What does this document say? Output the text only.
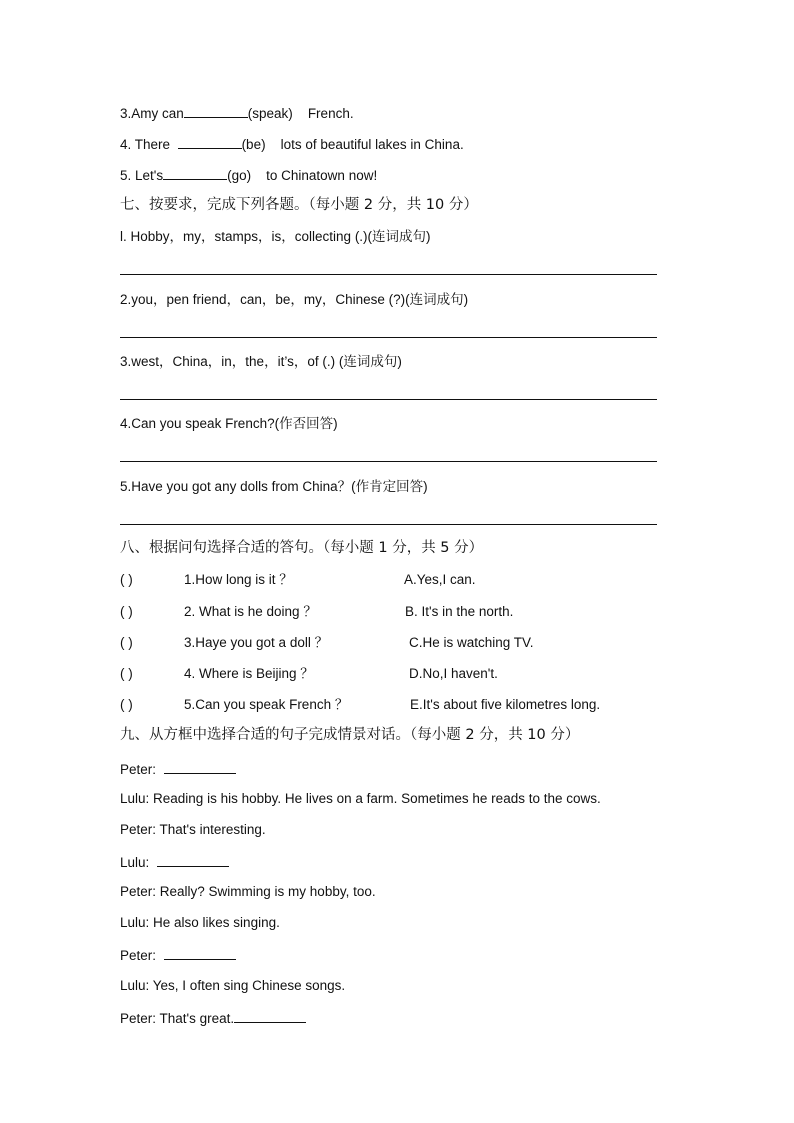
3.Amy can	(speak) French.
4. There	(be) lots of beautiful lakes in China.
5. Let's	(go) to Chinatown now!
七、按要求，完成下列各题。（每小题 2 分，共 10 分）
l. Hobby，my，stamps，is，collecting (.)(连词成句)
2.you，pen friend，can，be，my，Chinese (?)(连词成句)
3.west，China，in，the，it’s，of (.) (连词成句)
4.Can you speak French?(作否回答)
5.Have you got any dolls from China？(作肯定回答)
八、根据问句选择合适的答句。（每小题 1 分，共 5 分）
( )	1.How long is it ？	A.Yes,I can.
( )	2. What is he doing ？	B. It's in the north.
( )	3.Haye you got a doll ？	C.He is watching TV.
( )	4. Where is Beijing ？	D.No,I haven't.
( )	5.Can you speak French ？	E.It's about five kilometres long.
九、从方框中选择合适的句子完成情景对话。（每小题 2 分，共 10 分）
Peter:
Lulu: Reading is his hobby. He lives on a farm. Sometimes he reads to the cows.
Peter: That's interesting.
Lulu:
Peter: Really? Swimming is my hobby, too.
Lulu: He also likes singing.
Peter:
Lulu: Yes, I often sing Chinese songs.
Peter: That's great.
